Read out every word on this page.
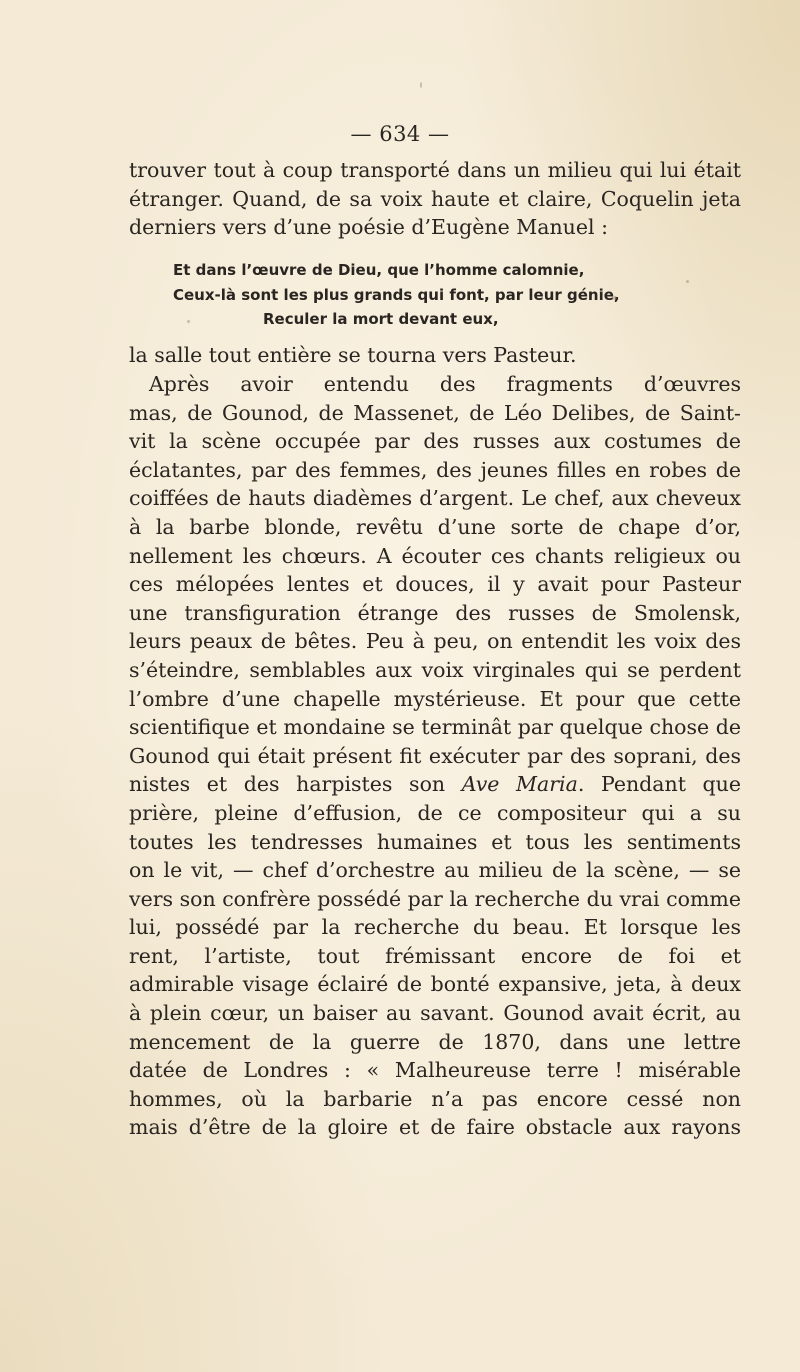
— 634 —

trouver tout à coup transporté dans un milieu qui lui était
étranger. Quand, de sa voix haute et claire, Coquelin jeta
derniers vers d’une poésie d’Eugène Manuel :

Et dans l’œuvre de Dieu, que l’homme calomnie,
Ceux-là sont les plus grands qui font, par leur génie,
Reculer la mort devant eux,

la salle tout entière se tourna vers Pasteur.

Après avoir entendu des fragments d’œuvres
mas, de Gounod, de Massenet, de Léo Delibes, de Saint-
vit la scène occupée par des russes aux costumes de
éclatantes, par des femmes, des jeunes filles en robes de
coiffées de hauts diadèmes d’argent. Le chef, aux cheveux
à la barbe blonde, revêtu d’une sorte de chape d’or,
nellement les chœurs. A écouter ces chants religieux ou
ces mélopées lentes et douces, il y avait pour Pasteur
une transfiguration étrange des russes de Smolensk,
leurs peaux de bêtes. Peu à peu, on entendit les voix des
s’éteindre, semblables aux voix virginales qui se perdent
l’ombre d’une chapelle mystérieuse. Et pour que cette
scientifique et mondaine se terminât par quelque chose de
Gounod qui était présent fit exécuter par des soprani, des
nistes et des harpistes son Ave Maria. Pendant que
prière, pleine d’effusion, de ce compositeur qui a su
toutes les tendresses humaines et tous les sentiments
on le vit, — chef d’orchestre au milieu de la scène, — se
vers son confrère possédé par la recherche du vrai comme
lui, possédé par la recherche du beau. Et lorsque les
rent, l’artiste, tout frémissant encore de foi et
admirable visage éclairé de bonté expansive, jeta, à deux
à plein cœur, un baiser au savant. Gounod avait écrit, au
mencement de la guerre de 1870, dans une lettre
datée de Londres : « Malheureuse terre ! misérable
hommes, où la barbarie n’a pas encore cessé non
mais d’être de la gloire et de faire obstacle aux rayons
